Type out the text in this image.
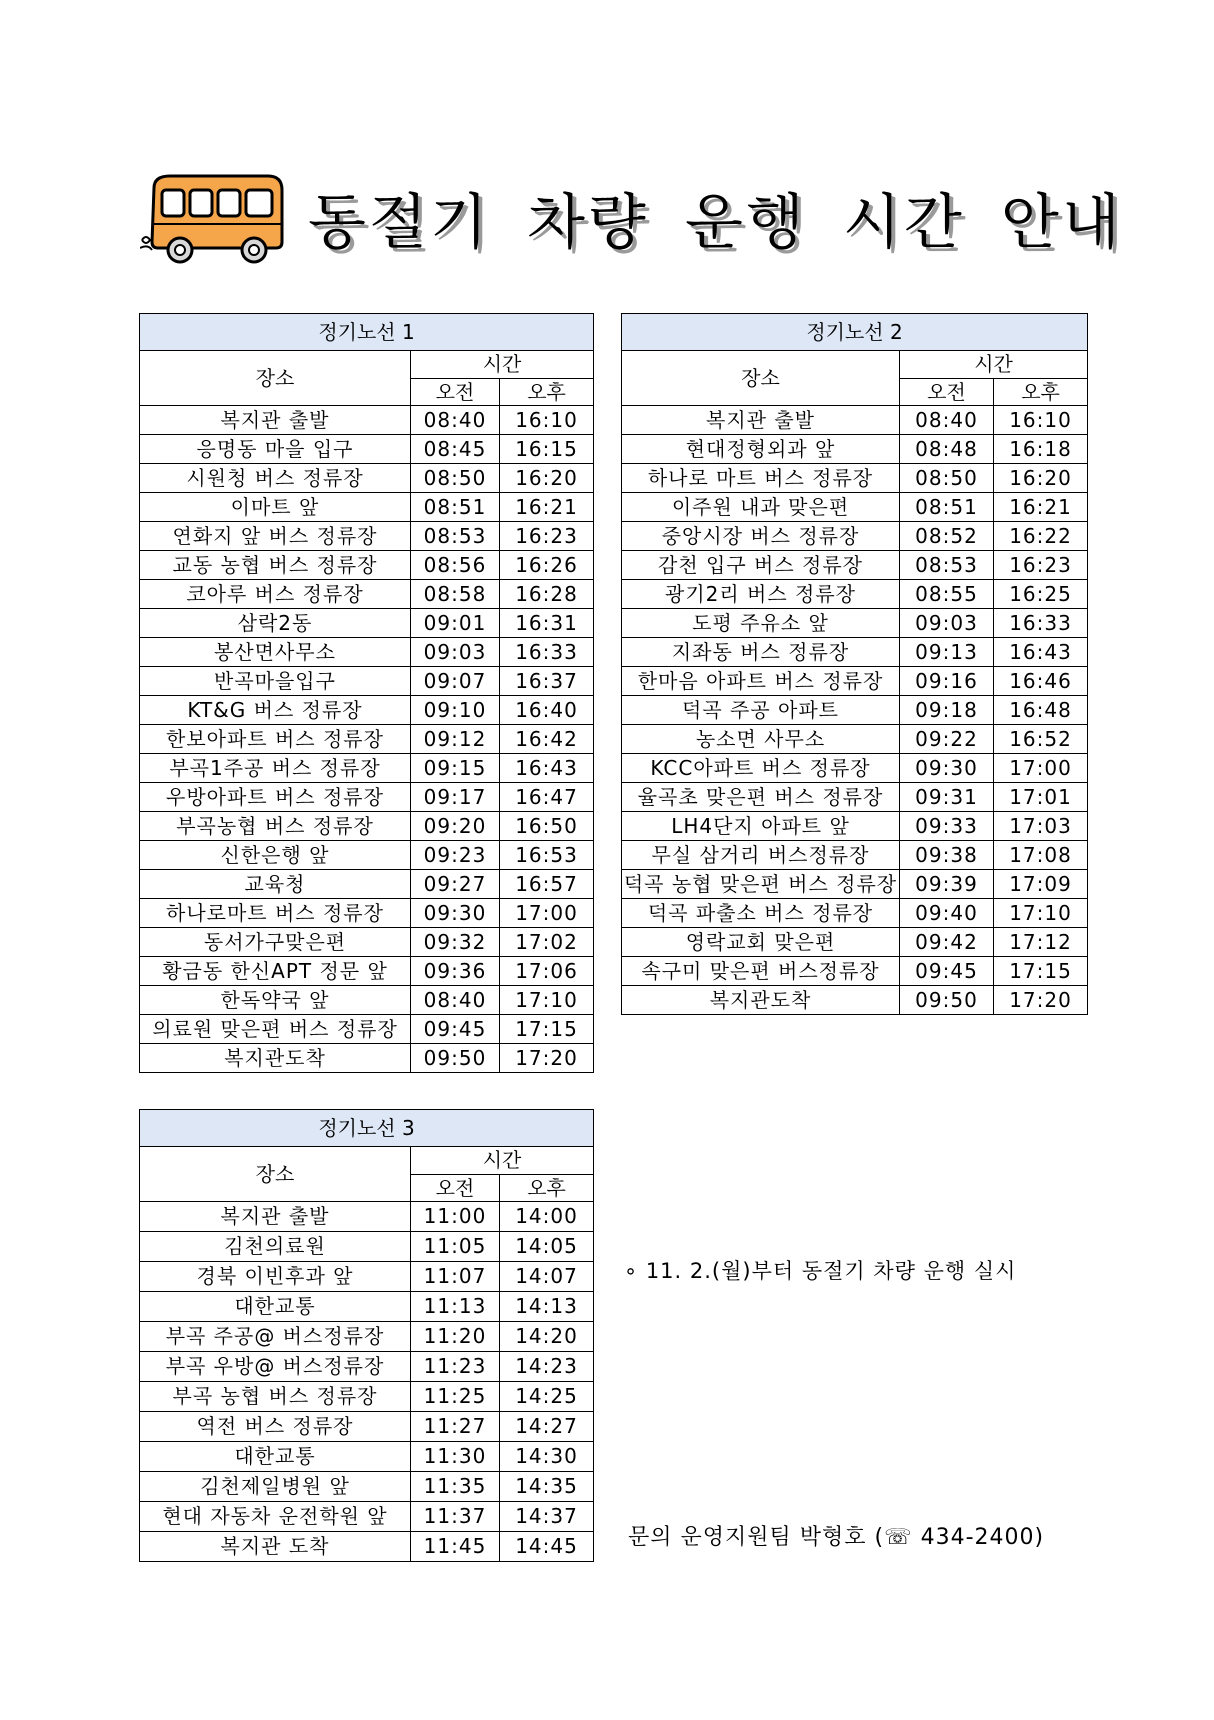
동절기 차량 운행 시간 안내
정기노선 1		
장소	시간	
	오전	오후
복지관 출발	08:40	16:10
응명동 마을 입구	08:45	16:15
시원청 버스 정류장	08:50	16:20
이마트 앞	08:51	16:21
연화지 앞 버스 정류장	08:53	16:23
교동 농협 버스 정류장	08:56	16:26
코아루 버스 정류장	08:58	16:28
삼락2동	09:01	16:31
봉산면사무소	09:03	16:33
반곡마을입구	09:07	16:37
KT&G 버스 정류장	09:10	16:40
한보아파트 버스 정류장	09:12	16:42
부곡1주공 버스 정류장	09:15	16:43
우방아파트 버스 정류장	09:17	16:47
부곡농협 버스 정류장	09:20	16:50
신한은행 앞	09:23	16:53
교육청	09:27	16:57
하나로마트 버스 정류장	09:30	17:00
동서가구맞은편	09:32	17:02
황금동 한신APT 정문 앞	09:36	17:06
한독약국 앞	08:40	17:10
의료원 맞은편 버스 정류장	09:45	17:15
복지관도착	09:50	17:20
정기노선 2		
장소	시간	
	오전	오후
복지관 출발	08:40	16:10
현대정형외과 앞	08:48	16:18
하나로 마트 버스 정류장	08:50	16:20
이주원 내과 맞은편	08:51	16:21
중앙시장 버스 정류장	08:52	16:22
감천 입구 버스 정류장	08:53	16:23
광기2리 버스 정류장	08:55	16:25
도평 주유소 앞	09:03	16:33
지좌동 버스 정류장	09:13	16:43
한마음 아파트 버스 정류장	09:16	16:46
덕곡 주공 아파트	09:18	16:48
농소면 사무소	09:22	16:52
KCC아파트 버스 정류장	09:30	17:00
율곡초 맞은편 버스 정류장	09:31	17:01
LH4단지 아파트 앞	09:33	17:03
무실 삼거리 버스정류장	09:38	17:08
덕곡 농협 맞은편 버스 정류장	09:39	17:09
덕곡 파출소 버스 정류장	09:40	17:10
영락교회 맞은편	09:42	17:12
속구미 맞은편 버스정류장	09:45	17:15
복지관도착	09:50	17:20
정기노선 3		
장소	시간	
	오전	오후
복지관 출발	11:00	14:00
김천의료원	11:05	14:05
경북 이빈후과 앞	11:07	14:07
대한교통	11:13	14:13
부곡 주공@ 버스정류장	11:20	14:20
부곡 우방@ 버스정류장	11:23	14:23
부곡 농협 버스 정류장	11:25	14:25
역전 버스 정류장	11:27	14:27
대한교통	11:30	14:30
김천제일병원 앞	11:35	14:35
현대 자동차 운전학원 앞	11:37	14:37
복지관 도착	11:45	14:45
∘ 11. 2.(월)부터 동절기 차량 운행 실시
문의 운영지원팀 박형호 (☏ 434-2400)
